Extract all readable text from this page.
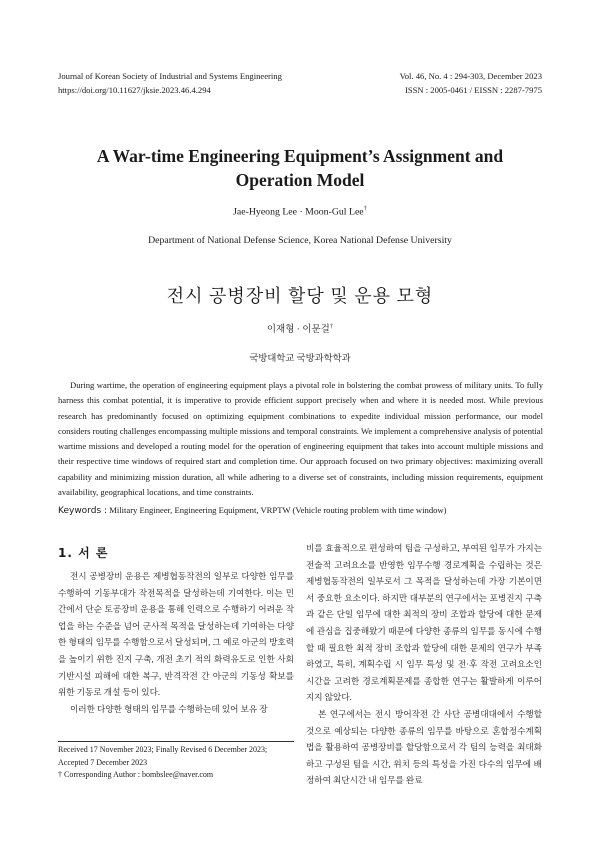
Journal of Korean Society of Industrial and Systems Engineering
https://doi.org/10.11627/jksie.2023.46.4.294
Vol. 46, No. 4 : 294-303, December 2023
ISSN : 2005-0461 / EISSN : 2287-7975
A War-time Engineering Equipment’s Assignment and
Operation Model
Jae-Hyeong Lee · Moon-Gul Lee†
Department of National Defense Science, Korea National Defense University
전시 공병장비 할당 및 운용 모형
이재형 · 이문걸†
국방대학교 국방과학학과
During wartime, the operation of engineering equipment plays a pivotal role in bolstering the combat prowess of military units. To fully harness this combat potential, it is imperative to provide efficient support precisely when and where it is needed most. While previous research has predominantly focused on optimizing equipment combinations to expedite individual mission performance, our model considers routing challenges encompassing multiple missions and temporal constraints. We implement a comprehensive analysis of potential wartime missions and developed a routing model for the operation of engineering equipment that takes into account multiple missions and their respective time windows of required start and completion time. Our approach focused on two primary objectives: maximizing overall capability and minimizing mission duration, all while adhering to a diverse set of constraints, including mission requirements, equipment availability, geographical locations, and time constraints.
Keywords : Military Engineer, Engineering Equipment, VRPTW (Vehicle routing problem with time window)
1. 서 론

전시 공병장비 운용은 제병협동작전의 일부로 다양한 임무를 수행하여 기동부대가 작전목적을 달성하는데 기여한다. 이는 민간에서 단순 토공장비 운용을 통해 인력으로 수행하기 어려운 작업을 하는 수준을 넘어 군사적 목적을 달성하는데 기여하는 다양한 형태의 임무를 수행함으로서 달성되며, 그 예로 아군의 방호력을 높이기 위한 진지 구축, 개전 초기 적의 화력유도로 인한 사회기반시설 피해에 대한 복구, 반격작전 간 아군의 기동성 확보를 위한 기동로 개설 등이 있다.

이러한 다양한 형태의 임무를 수행하는데 있어 보유 장

비를 효율적으로 편성하여 팀을 구성하고, 부여된 임무가 가지는 전술적 고려요소를 반영한 임무수행 경로계획을 수립하는 것은 제병협동작전의 일부로서 그 목적을 달성하는데 가장 기본이면서 중요한 요소이다. 하지만 대부분의 연구에서는 포병진지 구축과 같은 단일 임무에 대한 최적의 장비 조합과 할당에 대한 문제에 관심을 집중해왔기 때문에 다양한 종류의 임무를 동시에 수행할 때 필요한 최적 장비 조합과 할당에 대한 문제의 연구가 부족하였고, 특히, 계획수립 시 임무 특성 및 전·후 작전 고려요소인 시간을 고려한 경로계획문제를 종합한 연구는 활발하게 이루어지지 않았다.

본 연구에서는 전시 방어작전 간 사단 공병대대에서 수행할 것으로 예상되는 다양한 종류의 임무를 바탕으로 혼합정수계획법을 활용하여 공병장비를 할당함으로서 각 팀의 능력을 최대화하고 구성된 팀을 시간, 위치 등의 특성을 가진 다수의 임무에 배정하여 최단시간 내 임무를 완료

Received 17 November 2023; Finally Revised 6 December 2023;
Accepted 7 December 2023
† Corresponding Author : bombslee@naver.com
